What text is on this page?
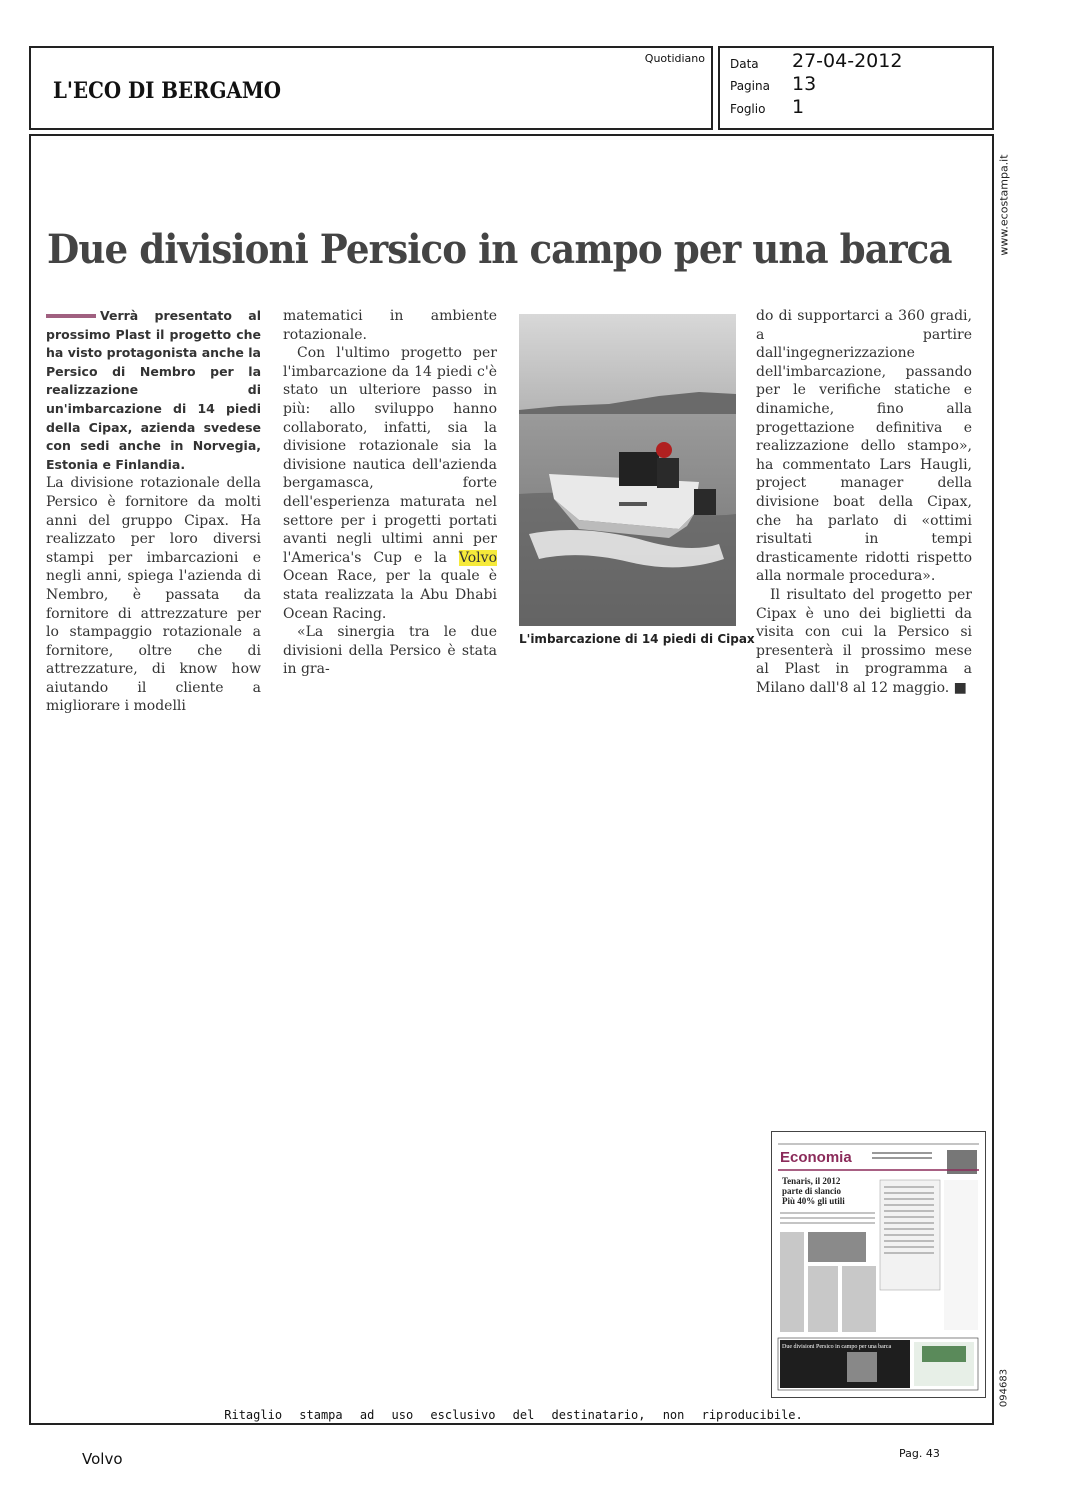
L'ECO DI BERGAMO
Quotidiano Data 27-04-2012
Pagina 13
Foglio 1
www.ecostampa.it
094683
Due divisioni Persico in campo per una barca
Verrà presentato al prossimo Plast il progetto che ha visto protagonista anche la Persico di Nembro per la realizzazione di un'imbarcazione di 14 piedi della Cipax, azienda svedese con sedi anche in Norvegia, Estonia e Finlandia.
La divisione rotazionale della Persico è fornitore da molti anni del gruppo Cipax. Ha realizzato per loro diversi stampi per imbarcazioni e negli anni, spiega l'azienda di Nembro, è passata da fornitore di attrezzature per lo stampaggio rotazionale a fornitore, oltre che di attrezzature, di know how aiutando il cliente a migliorare i modelli
matematici in ambiente rotazionale.
Con l'ultimo progetto per l'imbarcazione da 14 piedi c'è stato un ulteriore passo in più: allo sviluppo hanno collaborato, infatti, sia la divisione rotazionale sia la divisione nautica dell'azienda bergamasca, forte dell'esperienza maturata nel settore per i progetti portati avanti negli ultimi anni per l'America's Cup e la Volvo Ocean Race, per la quale è stata realizzata la Abu Dhabi Ocean Racing.
«La sinergia tra le due divisioni della Persico è stata in gra-
L'imbarcazione di 14 piedi di Cipax
do di supportarci a 360 gradi, a partire dall'ingegnerizzazione dell'imbarcazione, passando per le verifiche statiche e dinamiche, fino alla progettazione definitiva e realizzazione dello stampo», ha commentato Lars Haugli, project manager della divisione boat della Cipax, che ha parlato di «ottimi risultati in tempi drasticamente ridotti rispetto alla normale procedura».
Il risultato del progetto per Cipax è uno dei biglietti da visita con cui la Persico si presenterà il prossimo mese al Plast in programma a Milano dall'8 al 12 maggio. ■
Economia
Tenaris, il 2012
parte di slancio
Più 40% gli utili
Due divisioni Persico in campo per una barca
Ritaglio stampa ad uso esclusivo del destinatario, non riproducibile.
Volvo	Pag. 43
